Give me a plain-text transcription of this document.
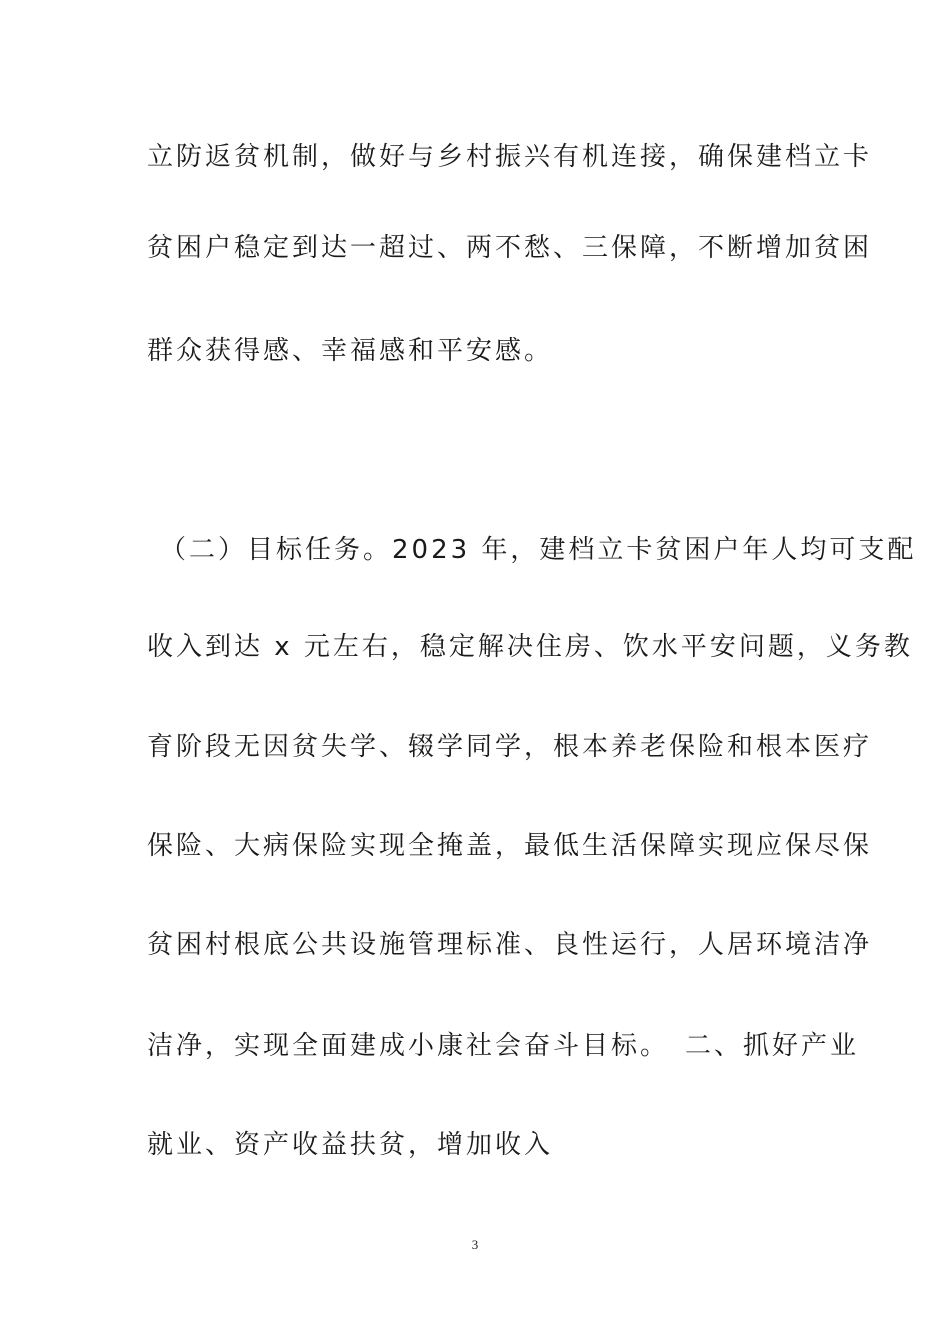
立防返贫机制，做好与乡村振兴有机连接，确保建档立卡
贫困户稳定到达一超过、两不愁、三保障，不断增加贫困
群众获得感、幸福感和平安感。
（二）目标任务。2023 年，建档立卡贫困户年人均可支配
收入到达 x 元左右，稳定解决住房、饮水平安问题，义务教
育阶段无因贫失学、辍学同学，根本养老保险和根本医疗
保险、大病保险实现全掩盖，最低生活保障实现应保尽保
贫困村根底公共设施管理标准、良性运行，人居环境洁净
洁净，实现全面建成小康社会奋斗目标。　二、抓好产业
就业、资产收益扶贫，增加收入
3
